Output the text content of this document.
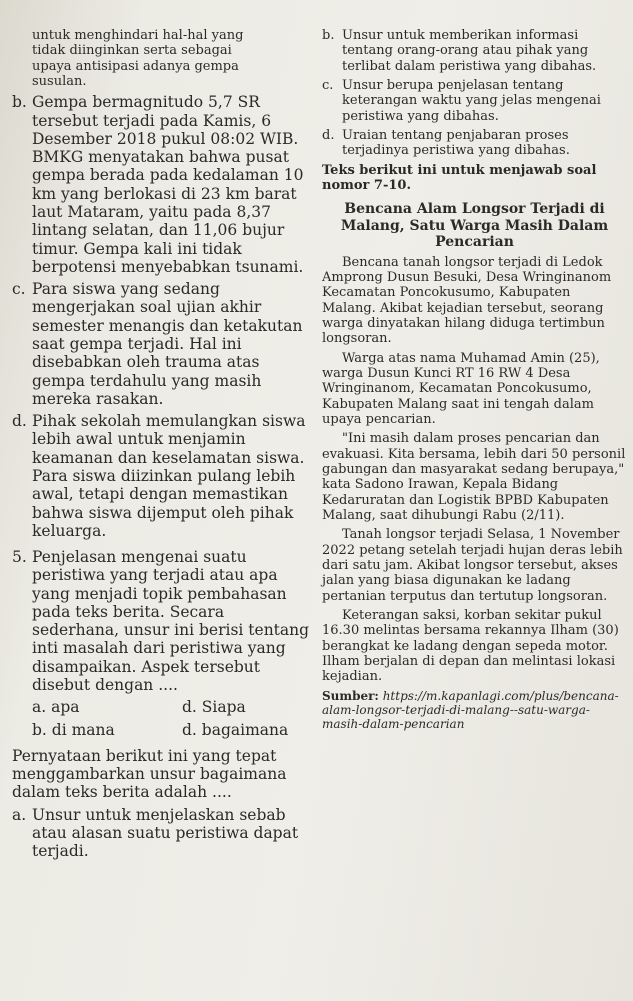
untuk menghindari hal-hal yang

tidak diinginkan serta sebagai

upaya antisipasi adanya gempa

susulan.

b. Gempa bermagnitudo 5,7 SR tersebut terjadi pada Kamis, 6 Desember 2018 pukul 08:02 WIB. BMKG menyatakan bahwa pusat gempa berada pada kedalaman 10 km yang berlokasi di 23 km barat laut Mataram, yaitu pada 8,37 lintang selatan, dan 11,06 bujur timur. Gempa kali ini tidak berpotensi menyebabkan tsunami.

c. Para siswa yang sedang mengerjakan soal ujian akhir semester menangis dan ketakutan saat gempa terjadi. Hal ini disebabkan oleh trauma atas gempa terdahulu yang masih mereka rasakan.

d. Pihak sekolah memulangkan siswa lebih awal untuk menjamin keamanan dan keselamatan siswa. Para siswa diizinkan pulang lebih awal, tetapi dengan memastikan bahwa siswa dijemput oleh pihak keluarga.

5. Penjelasan mengenai suatu peristiwa yang terjadi atau apa yang menjadi topik pembahasan pada teks berita. Secara sederhana, unsur ini berisi tentang inti masalah dari peristiwa yang disampaikan. Aspek tersebut disebut dengan ....

a. apa	d. Siapa
b. di mana	d. bagaimana

Pernyataan berikut ini yang tepat menggambarkan unsur bagaimana dalam teks berita adalah ....

a. Unsur untuk menjelaskan sebab atau alasan suatu peristiwa dapat terjadi.

b. Unsur untuk memberikan informasi tentang orang-orang atau pihak yang terlibat dalam peristiwa yang dibahas.

c. Unsur berupa penjelasan tentang keterangan waktu yang jelas mengenai peristiwa yang dibahas.

d. Uraian tentang penjabaran proses terjadinya peristiwa yang dibahas.

Teks berikut ini untuk menjawab soal nomor 7-10.

Bencana Alam Longsor Terjadi di Malang, Satu Warga Masih Dalam Pencarian

Bencana tanah longsor terjadi di Ledok Amprong Dusun Besuki, Desa Wringinanom Kecamatan Poncokusumo, Kabupaten Malang. Akibat kejadian tersebut, seorang warga dinyatakan hilang diduga tertimbun longsoran.

Warga atas nama Muhamad Amin (25), warga Dusun Kunci RT 16 RW 4 Desa Wringinanom, Kecamatan Poncokusumo, Kabupaten Malang saat ini tengah dalam upaya pencarian.

"Ini masih dalam proses pencarian dan evakuasi. Kita bersama, lebih dari 50 personil gabungan dan masyarakat sedang berupaya," kata Sadono Irawan, Kepala Bidang Kedaruratan dan Logistik BPBD Kabupaten Malang, saat dihubungi Rabu (2/11).

Tanah longsor terjadi Selasa, 1 November 2022 petang setelah terjadi hujan deras lebih dari satu jam. Akibat longsor tersebut, akses jalan yang biasa digunakan ke ladang pertanian terputus dan tertutup longsoran.

Keterangan saksi, korban sekitar pukul 16.30 melintas bersama rekannya Ilham (30) berangkat ke ladang dengan sepeda motor. Ilham berjalan di depan dan melintasi lokasi kejadian.

Sumber: https://m.kapanlagi.com/plus/bencana-alam-longsor-terjadi-di-malang--satu-warga-masih-dalam-pencarian
